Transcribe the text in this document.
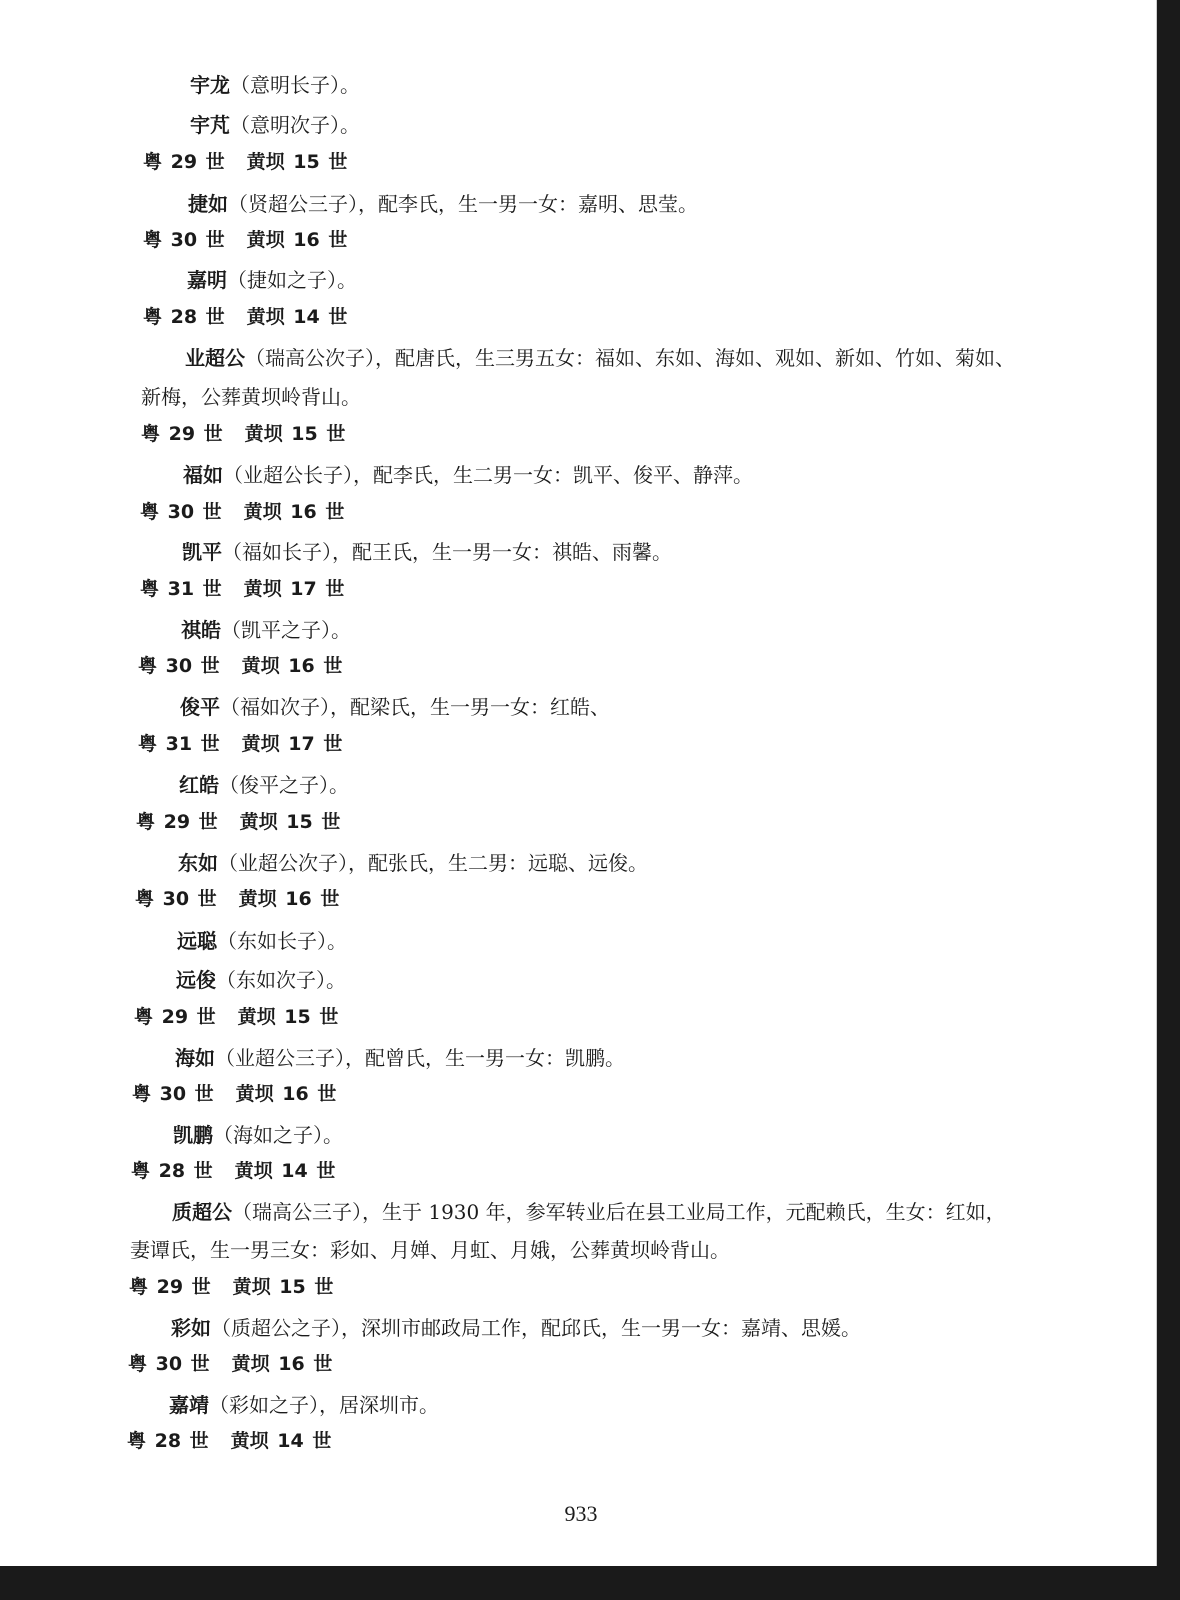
宇龙（意明长子）。
宇芃（意明次子）。
粤 29 世 黄坝 15 世
捷如（贤超公三子），配李氏，生一男一女：嘉明、思莹。
粤 30 世 黄坝 16 世
嘉明（捷如之子）。
粤 28 世 黄坝 14 世
业超公（瑞高公次子），配唐氏，生三男五女：福如、东如、海如、观如、新如、竹如、菊如、
新梅，公葬黄坝岭背山。
粤 29 世 黄坝 15 世
福如（业超公长子），配李氏，生二男一女：凯平、俊平、静萍。
粤 30 世 黄坝 16 世
凯平（福如长子），配王氏，生一男一女：祺皓、雨馨。
粤 31 世 黄坝 17 世
祺皓（凯平之子）。
粤 30 世 黄坝 16 世
俊平（福如次子），配梁氏，生一男一女：红皓、
粤 31 世 黄坝 17 世
红皓（俊平之子）。
粤 29 世 黄坝 15 世
东如（业超公次子），配张氏，生二男：远聪、远俊。
粤 30 世 黄坝 16 世
远聪（东如长子）。
远俊（东如次子）。
粤 29 世 黄坝 15 世
海如（业超公三子），配曾氏，生一男一女：凯鹏。
粤 30 世 黄坝 16 世
凯鹏（海如之子）。
粤 28 世 黄坝 14 世
质超公（瑞高公三子），生于 1930 年，参军转业后在县工业局工作，元配赖氏，生女：红如，
妻谭氏，生一男三女：彩如、月婵、月虹、月娥，公葬黄坝岭背山。
粤 29 世 黄坝 15 世
彩如（质超公之子），深圳市邮政局工作，配邱氏，生一男一女：嘉靖、思媛。
粤 30 世 黄坝 16 世
嘉靖（彩如之子），居深圳市。
粤 28 世 黄坝 14 世
933
